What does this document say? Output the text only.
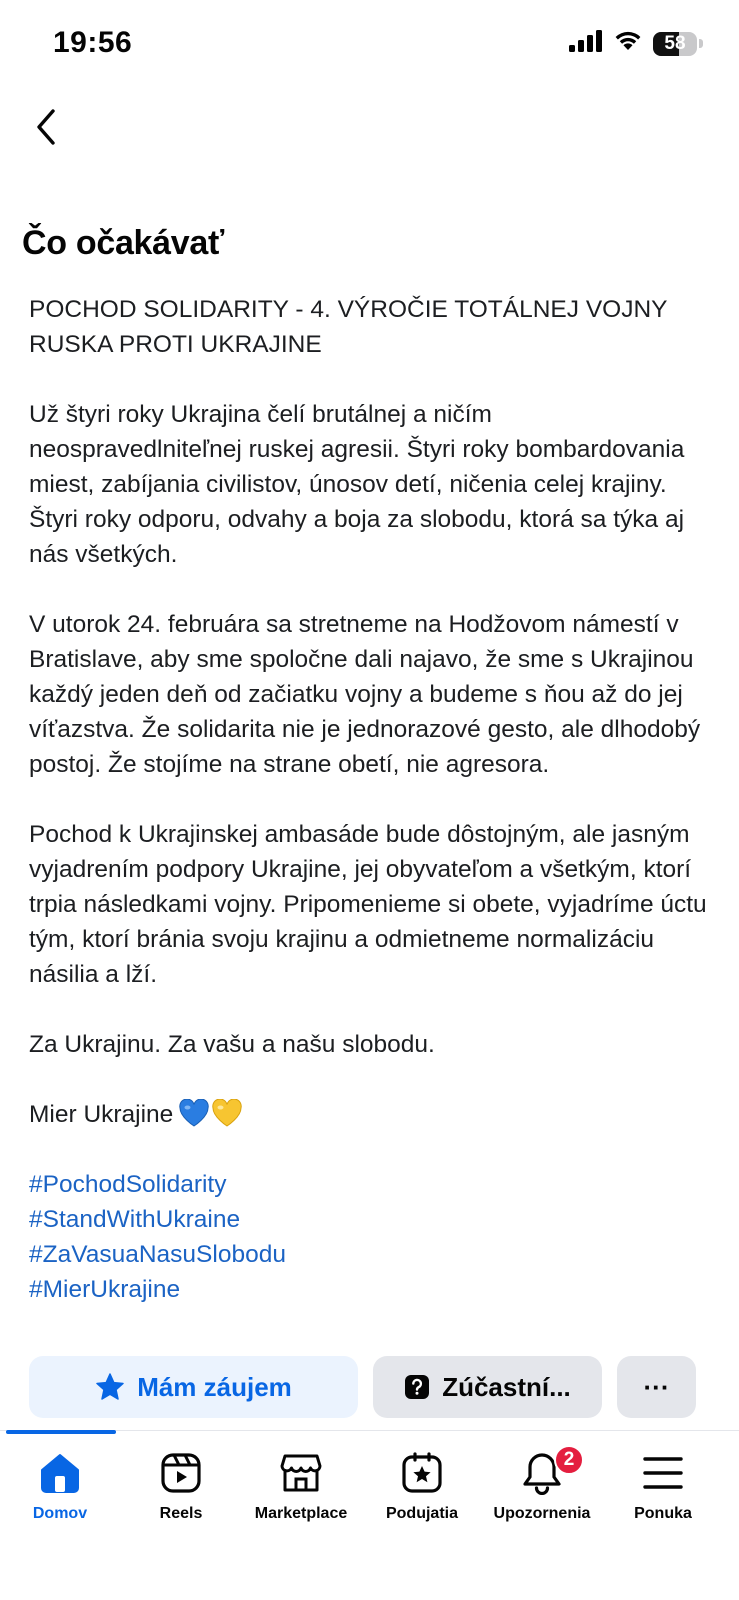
19:56	58
Čo očakávať
POCHOD SOLIDARITY - 4. VÝROČIE TOTÁLNEJ VOJNY RUSKA PROTI UKRAJINE
Už štyri roky Ukrajina čelí brutálnej a ničím neospravedlniteľnej ruskej agresii. Štyri roky bombardovania miest, zabíjania civilistov, únosov detí, ničenia celej krajiny. Štyri roky odporu, odvahy a boja za slobodu, ktorá sa týka aj nás všetkých.
V utorok 24. februára sa stretneme na Hodžovom námestí v Bratislave, aby sme spoločne dali najavo, že sme s Ukrajinou každý jeden deň od začiatku vojny a budeme s ňou až do jej víťazstva. Že solidarita nie je jednorazové gesto, ale dlhodobý postoj. Že stojíme na strane obetí, nie agresora.
Pochod k Ukrajinskej ambasáde bude dôstojným, ale jasným vyjadrením podpory Ukrajine, jej obyvateľom a všetkým, ktorí trpia následkami vojny. Pripomenieme si obete, vyjadríme úctu tým, ktorí bránia svoju krajinu a odmietneme normalizáciu násilia a lží.
Za Ukrajinu. Za vašu a našu slobodu.
Mier Ukrajine
#PochodSolidarity
#StandWithUkraine
#ZaVasuaNasuSlobodu
#MierUkrajine
Mám záujem	Zúčastní...	···
Domov	Reels	Marketplace Podujatia
2
Upozornenia	Ponuka
